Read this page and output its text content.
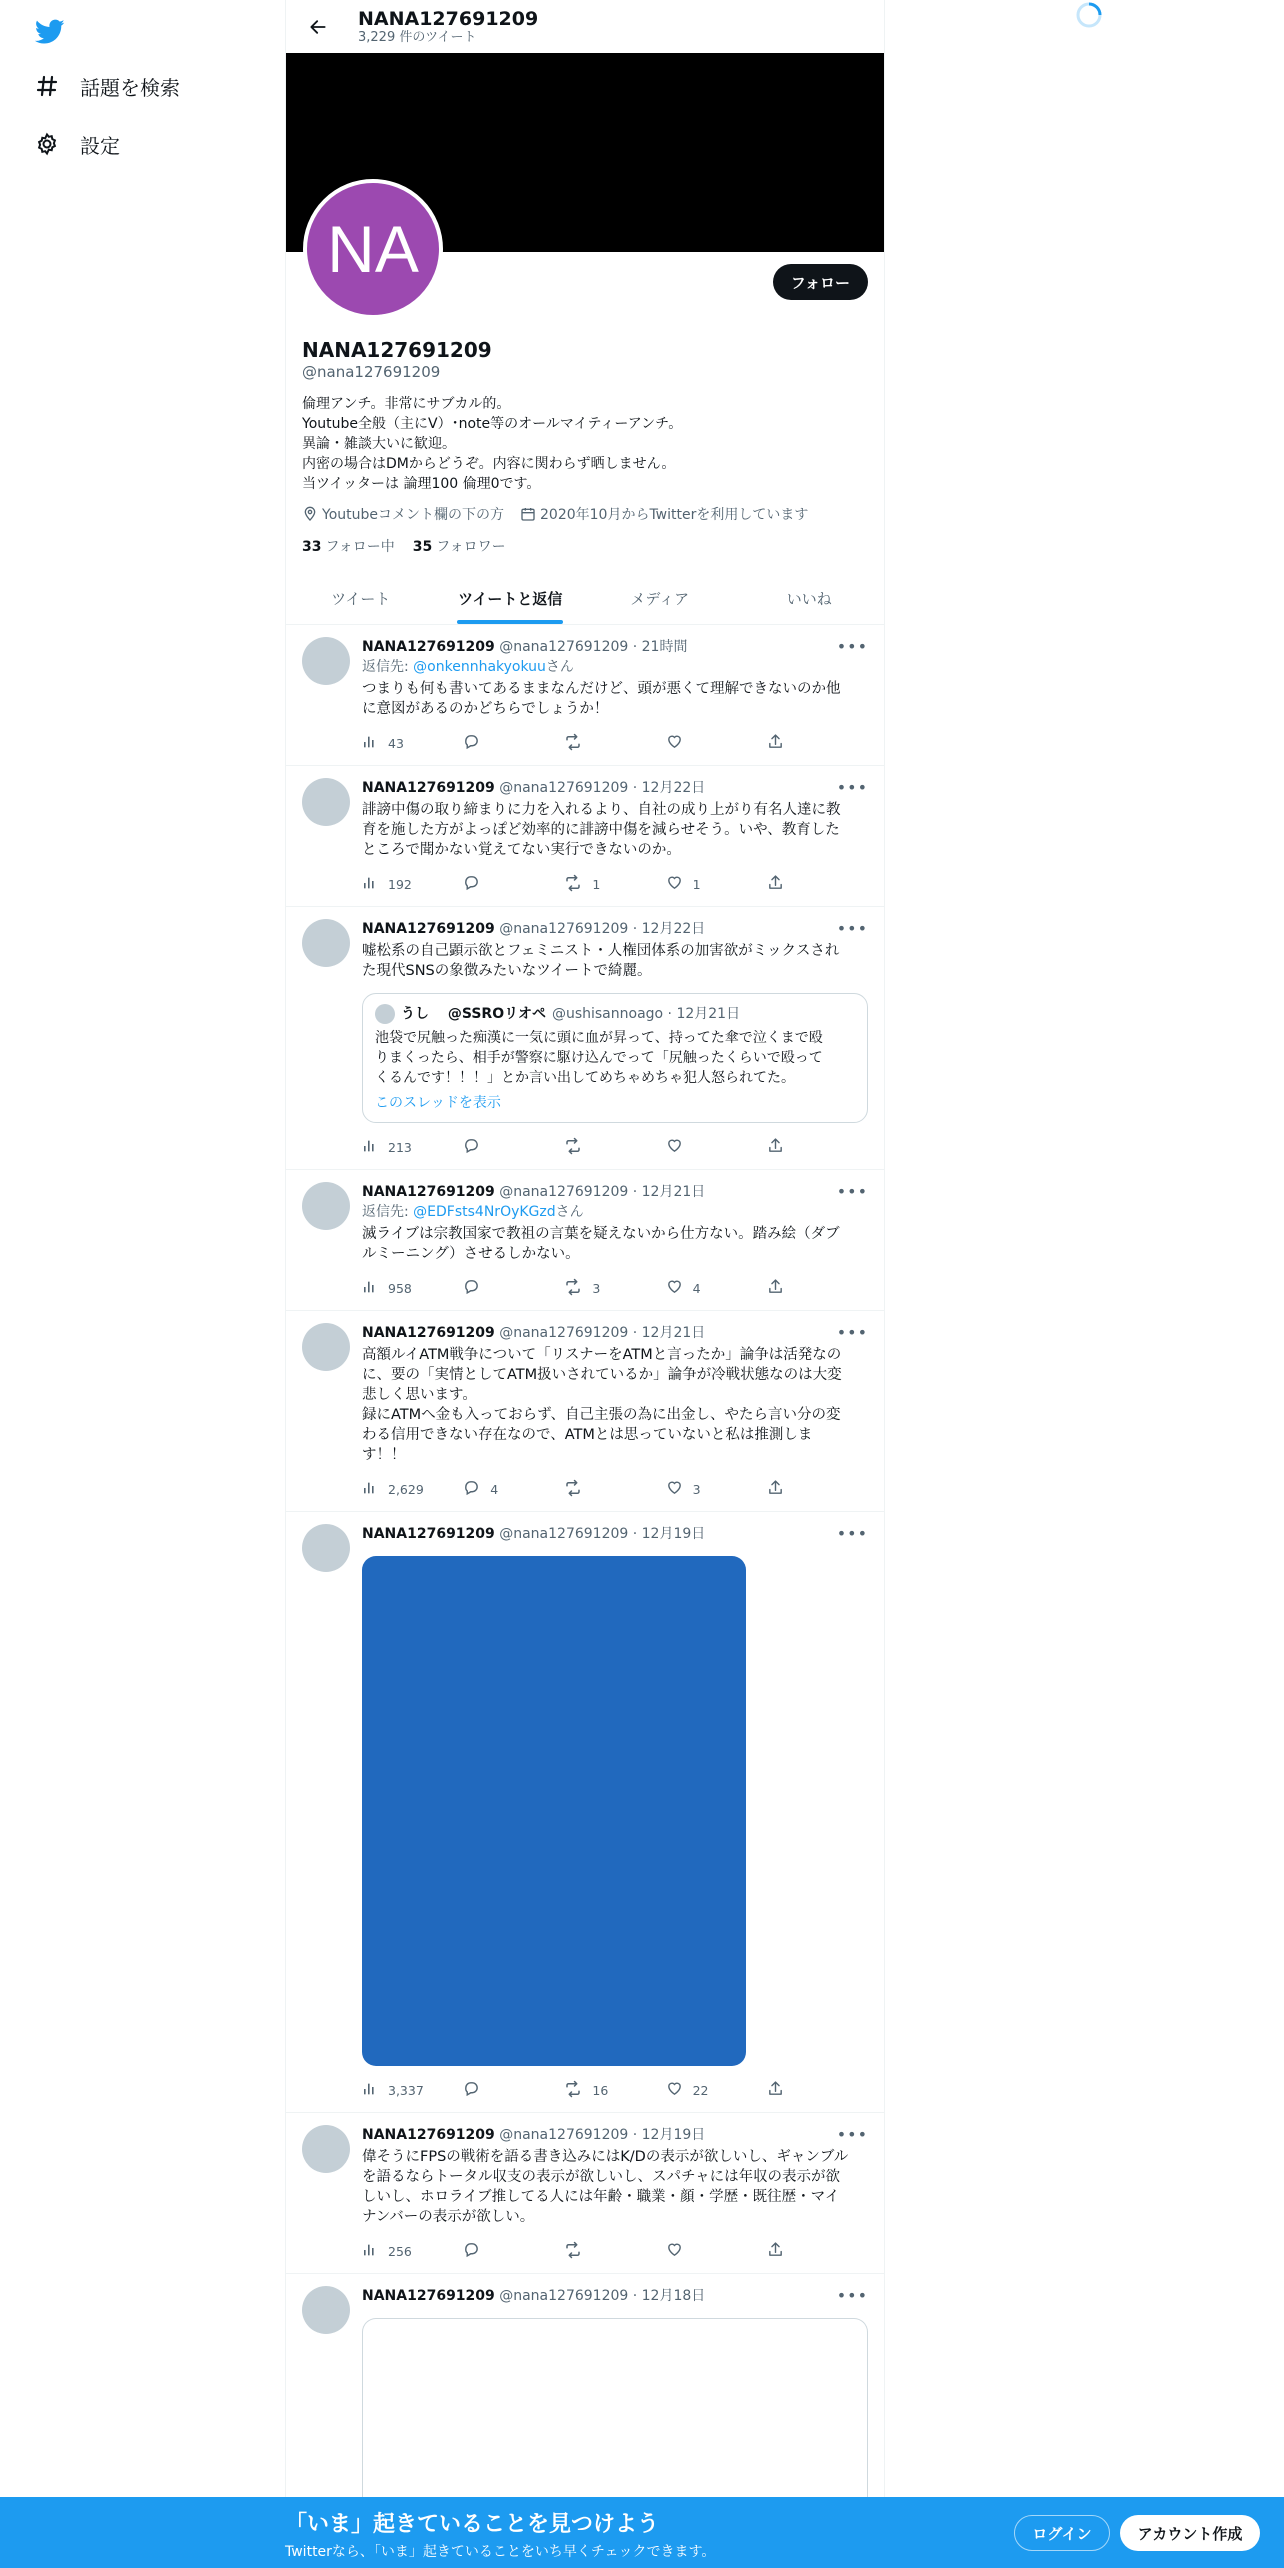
話題を検索
設定
NANA127691209
3,229 件のツイート
NA	フォロー
NANA127691209
@nana127691209
倫理アンチ。非常にサブカル的。
Youtube全般（主にV）･note等のオールマイティーアンチ。
異論・雑談大いに歓迎。
内密の場合はDMからどうぞ。内容に関わらず晒しません。
当ツイッターは 論理100 倫理0です。
Youtubeコメント欄の下の方	2020年10月からTwitterを利用しています
33 フォロー中 35 フォロワー
ツイート	ツイートと返信	メディア	いいね
•••
NANA127691209 @nana127691209 · 21時間
返信先: @onkennhakyokuuさん
つまりも何も書いてあるままなんだけど、頭が悪くて理解できないのか他
に意図があるのかどちらでしょうか！
43
•••
NANA127691209 @nana127691209 · 12月22日
誹謗中傷の取り締まりに力を入れるより、自社の成り上がり有名人達に教
育を施した方がよっぽど効率的に誹謗中傷を減らせそう。いや、教育した
ところで聞かない覚えてない実行できないのか。
192	1	1
•••
NANA127691209 @nana127691209 · 12月22日
嘘松系の自己顕示欲とフェミニスト・人権団体系の加害欲がミックスされ
た現代SNSの象徴みたいなツイートで綺麗。
うし　 @SSROリオペ @ushisannoago · 12月21日
池袋で尻触った痴漢に一気に頭に血が昇って、持ってた傘で泣くまで殴
りまくったら、相手が警察に駆け込んでって「尻触ったくらいで殴って
くるんです！！！」とか言い出してめちゃめちゃ犯人怒られてた。
このスレッドを表示
213
•••
NANA127691209 @nana127691209 · 12月21日
返信先: @EDFsts4NrOyKGzdさん
滅ライブは宗教国家で教祖の言葉を疑えないから仕方ない。踏み絵（ダブ
ルミーニング）させるしかない。
958	3	4
•••
NANA127691209 @nana127691209 · 12月21日
高額ルイATM戦争について「リスナーをATMと言ったか」論争は活発なの
に、要の「実情としてATM扱いされているか」論争が冷戦状態なのは大変
悲しく思います。
録にATMへ金も入っておらず、自己主張の為に出金し、やたら言い分の変
わる信用できない存在なので、ATMとは思っていないと私は推測しま
す！！
2,629	4	3
•••
NANA127691209 @nana127691209 · 12月19日
3,337	16	22
•••
NANA127691209 @nana127691209 · 12月19日
偉そうにFPSの戦術を語る書き込みにはK/Dの表示が欲しいし、ギャンブル
を語るならトータル収支の表示が欲しいし、スパチャには年収の表示が欲
しいし、ホロライブ推してる人には年齢・職業・顔・学歴・既往歴・マイ
ナンバーの表示が欲しい。
256
•••
NANA127691209 @nana127691209 · 12月18日
「いま」起きていることを見つけよう
Twitterなら、「いま」起きていることをいち早くチェックできます。
ログイン	アカウント作成
